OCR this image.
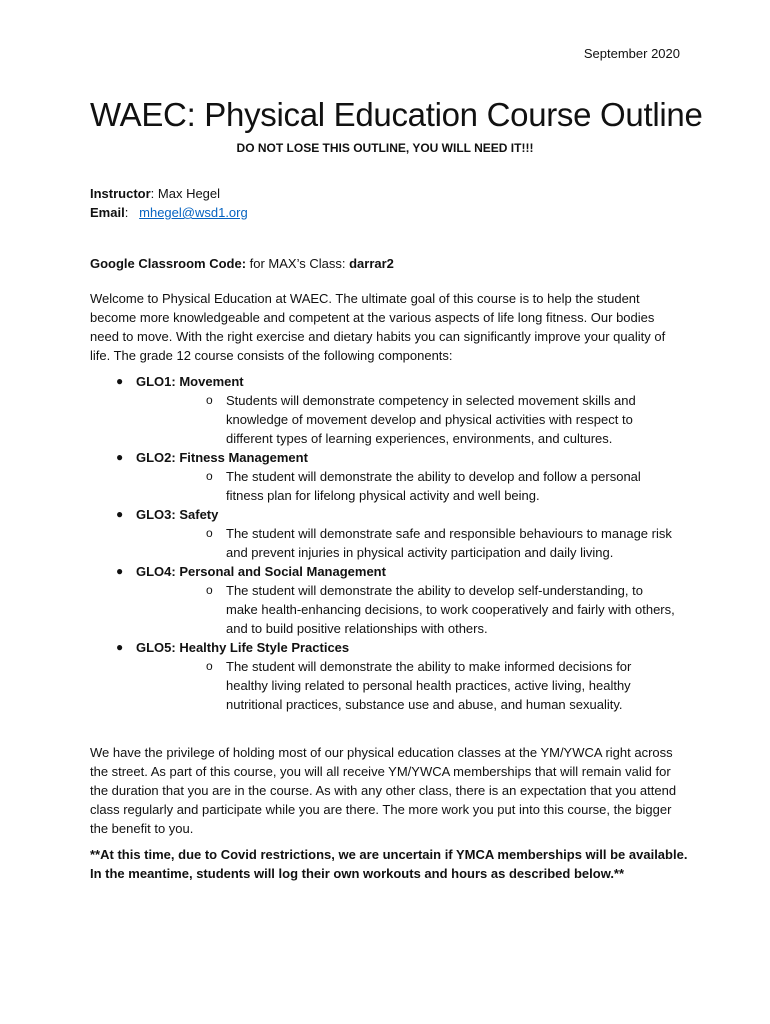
September 2020
WAEC: Physical Education Course Outline
DO NOT LOSE THIS OUTLINE, YOU WILL NEED IT!!!
Instructor: Max Hegel
Email:   mhegel@wsd1.org
Google Classroom Code: for MAX’s Class: darrar2
Welcome to Physical Education at WAEC. The ultimate goal of this course is to help the student become more knowledgeable and competent at the various aspects of life long fitness. Our bodies need to move. With the right exercise and dietary habits you can significantly improve your quality of life. The grade 12 course consists of the following components:
● GLO1: Movement
o Students will demonstrate competency in selected movement skills and knowledge of movement develop and physical activities with respect to different types of learning experiences, environments, and cultures.
● GLO2: Fitness Management
o The student will demonstrate the ability to develop and follow a personal fitness plan for lifelong physical activity and well being.
● GLO3: Safety
o The student will demonstrate safe and responsible behaviours to manage risk and prevent injuries in physical activity participation and daily living.
● GLO4: Personal and Social Management
o The student will demonstrate the ability to develop self-understanding, to make health-enhancing decisions, to work cooperatively and fairly with others, and to build positive relationships with others.
● GLO5: Healthy Life Style Practices
o The student will demonstrate the ability to make informed decisions for healthy living related to personal health practices, active living, healthy nutritional practices, substance use and abuse, and human sexuality.
We have the privilege of holding most of our physical education classes at the YM/YWCA right across the street. As part of this course, you will all receive YM/YWCA memberships that will remain valid for the duration that you are in the course. As with any other class, there is an expectation that you attend class regularly and participate while you are there. The more work you put into this course, the bigger the benefit to you.
**At this time, due to Covid restrictions, we are uncertain if YMCA memberships will be available. In the meantime, students will log their own workouts and hours as described below.**
